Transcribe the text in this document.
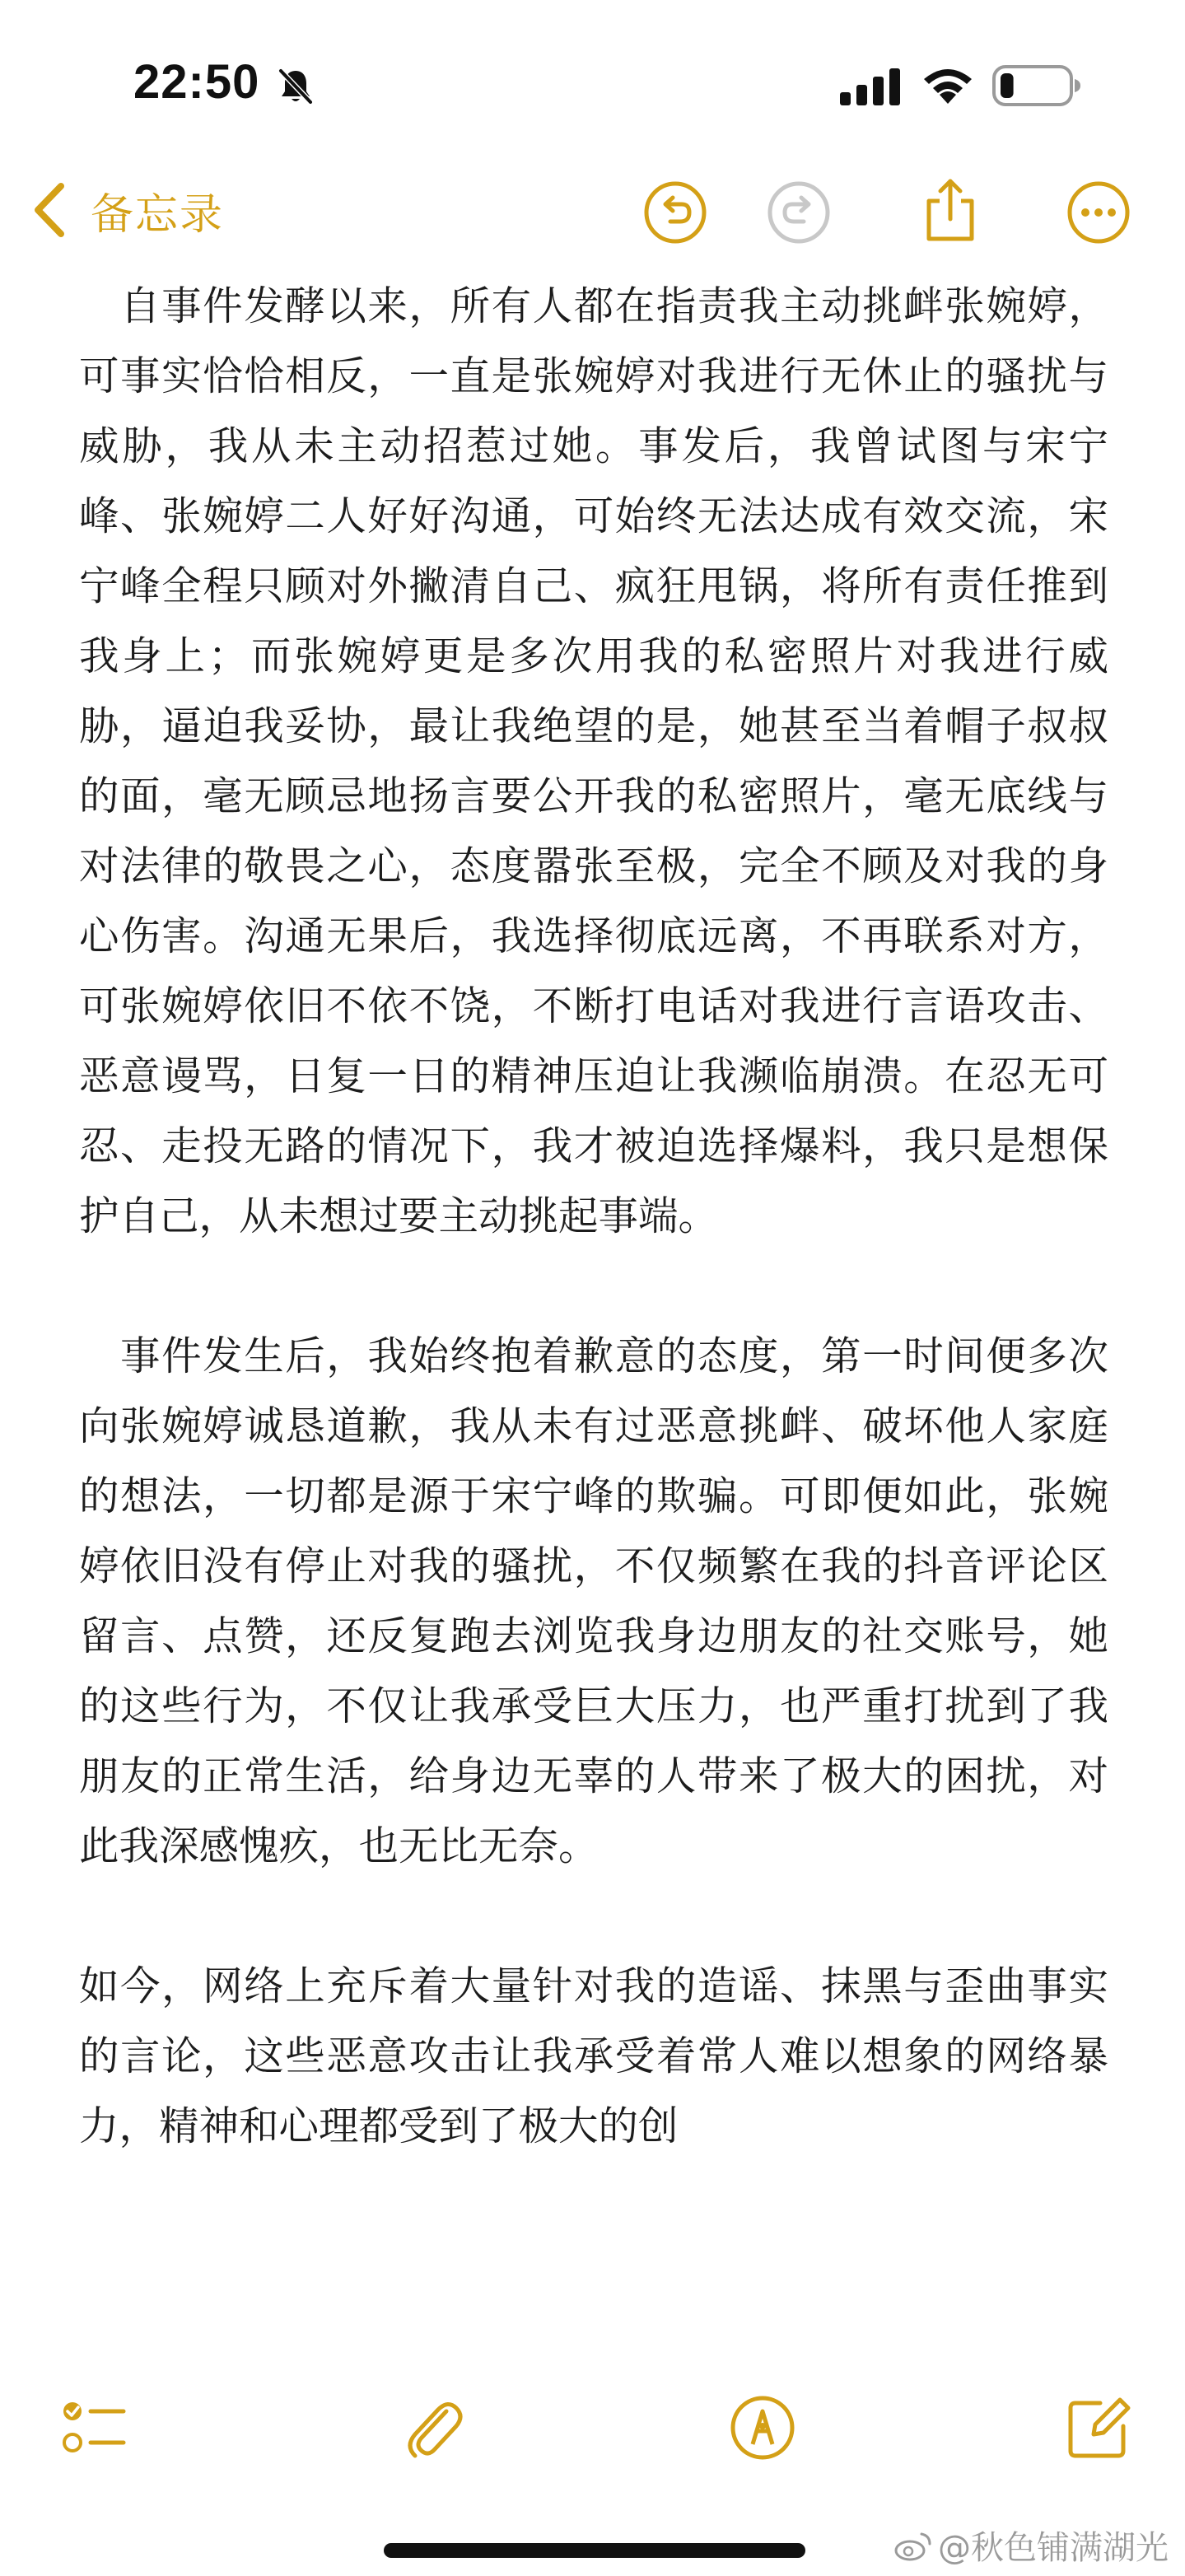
22:50
备忘录

　自事件发酵以来，所有人都在指责我主动挑衅张婉婷，可事实恰恰相反，一直是张婉婷对我进行无休止的骚扰与威胁，我从未主动招惹过她。事发后，我曾试图与宋宁峰、张婉婷二人好好沟通，可始终无法达成有效交流，宋宁峰全程只顾对外撇清自己、疯狂甩锅，将所有责任推到我身上；而张婉婷更是多次用我的私密照片对我进行威胁，逼迫我妥协，最让我绝望的是，她甚至当着帽子叔叔的面，毫无顾忌地扬言要公开我的私密照片，毫无底线与对法律的敬畏之心，态度嚣张至极，完全不顾及对我的身心伤害。沟通无果后，我选择彻底远离，不再联系对方，可张婉婷依旧不依不饶，不断打电话对我进行言语攻击、恶意谩骂，日复一日的精神压迫让我濒临崩溃。在忍无可忍、走投无路的情况下，我才被迫选择爆料，我只是想保护自己，从未想过要主动挑起事端。

　事件发生后，我始终抱着歉意的态度，第一时间便多次向张婉婷诚恳道歉，我从未有过恶意挑衅、破坏他人家庭的想法，一切都是源于宋宁峰的欺骗。可即便如此，张婉婷依旧没有停止对我的骚扰，不仅频繁在我的抖音评论区留言、点赞，还反复跑去浏览我身边朋友的社交账号，她的这些行为，不仅让我承受巨大压力，也严重打扰到了我朋友的正常生活，给身边无辜的人带来了极大的困扰，对此我深感愧疚，也无比无奈。

如今，网络上充斥着大量针对我的造谣、抹黑与歪曲事实的言论，这些恶意攻击让我承受着常人难以想象的网络暴力，精神和心理都受到了极大的创

@秋色铺满湖光
